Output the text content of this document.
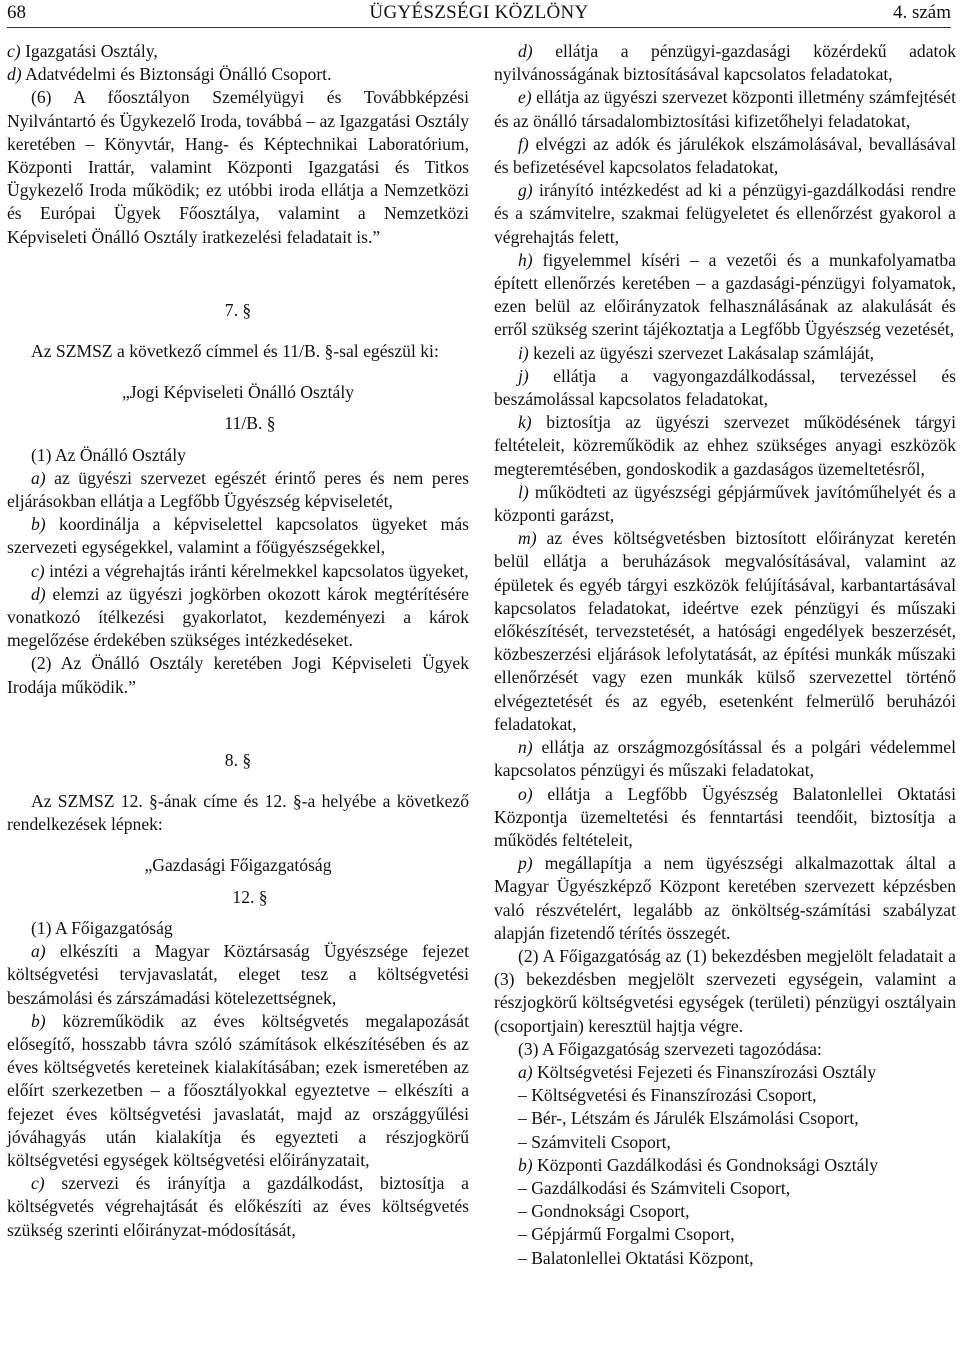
68	ÜGYÉSZSÉGI KÖZLÖNY	4. szám

c) Igazgatási Osztály,

d) Adatvédelmi és Biztonsági Önálló Csoport.

(6) A főosztályon Személyügyi és Továbbképzési Nyilvántartó és Ügykezelő Iroda, továbbá – az Igazgatási Osztály keretében – Könyvtár, Hang- és Képtechnikai Laboratórium, Központi Irattár, valamint Központi Igazgatási és Titkos Ügykezelő Iroda működik; ez utóbbi iroda ellátja a Nemzetközi és Európai Ügyek Főosztálya, valamint a Nemzetközi Képviseleti Önálló Osztály iratkezelési feladatait is.”

7. §

Az SZMSZ a következő címmel és 11/B. §-sal egészül ki:

„Jogi Képviseleti Önálló Osztály

11/B. §

(1) Az Önálló Osztály

a) az ügyészi szervezet egészét érintő peres és nem peres eljárásokban ellátja a Legfőbb Ügyészség képviseletét,

b) koordinálja a képviselettel kapcsolatos ügyeket más szervezeti egységekkel, valamint a főügyészségekkel,

c) intézi a végrehajtás iránti kérelmekkel kapcsolatos ügyeket,

d) elemzi az ügyészi jogkörben okozott károk megtérítésére vonatkozó ítélkezési gyakorlatot, kezdeményezi a károk megelőzése érdekében szükséges intézkedéseket.

(2) Az Önálló Osztály keretében Jogi Képviseleti Ügyek Irodája működik.”

8. §

Az SZMSZ 12. §-ának címe és 12. §-a helyébe a következő rendelkezések lépnek:

„Gazdasági Főigazgatóság

12. §

(1) A Főigazgatóság

a) elkészíti a Magyar Köztársaság Ügyészsége fejezet költségvetési tervjavaslatát, eleget tesz a költségvetési beszámolási és zárszámadási kötelezettségnek,

b) közreműködik az éves költségvetés megalapozását elősegítő, hosszabb távra szóló számítások elkészítésében és az éves költségvetés kereteinek kialakításában; ezek ismeretében az előírt szerkezetben – a főosztályokkal egyeztetve – elkészíti a fejezet éves költségvetési javaslatát, majd az országgyűlési jóváhagyás után kialakítja és egyezteti a részjogkörű költségvetési egységek költségvetési előirányzatait,

c) szervezi és irányítja a gazdálkodást, biztosítja a költségvetés végrehajtását és előkészíti az éves költségvetés szükség szerinti előirányzat-módosítását,

d) ellátja a pénzügyi-gazdasági közérdekű adatok nyilvánosságának biztosításával kapcsolatos feladatokat,

e) ellátja az ügyészi szervezet központi illetmény számfejtését és az önálló társadalombiztosítási kifizetőhelyi feladatokat,

f) elvégzi az adók és járulékok elszámolásával, bevallásával és befizetésével kapcsolatos feladatokat,

g) irányító intézkedést ad ki a pénzügyi-gazdálkodási rendre és a számvitelre, szakmai felügyeletet és ellenőrzést gyakorol a végrehajtás felett,

h) figyelemmel kíséri – a vezetői és a munkafolyamatba épített ellenőrzés keretében – a gazdasági-pénzügyi folyamatok, ezen belül az előirányzatok felhasználásának az alakulását és erről szükség szerint tájékoztatja a Legfőbb Ügyészség vezetését,

i) kezeli az ügyészi szervezet Lakásalap számláját,

j) ellátja a vagyongazdálkodással, tervezéssel és beszámolással kapcsolatos feladatokat,

k) biztosítja az ügyészi szervezet működésének tárgyi feltételeit, közreműködik az ehhez szükséges anyagi eszközök megteremtésében, gondoskodik a gazdaságos üzemeltetésről,

l) működteti az ügyészségi gépjárművek javítóműhelyét és a központi garázst,

m) az éves költségvetésben biztosított előirányzat keretén belül ellátja a beruházások megvalósításával, valamint az épületek és egyéb tárgyi eszközök felújításával, karbantartásával kapcsolatos feladatokat, ideértve ezek pénzügyi és műszaki előkészítését, tervezstetését, a hatósági engedélyek beszerzését, közbeszerzési eljárások lefolytatását, az építési munkák műszaki ellenőrzését vagy ezen munkák külső szervezettel történő elvégeztetését és az egyéb, esetenként felmerülő beruházói feladatokat,

n) ellátja az országmozgósítással és a polgári védelemmel kapcsolatos pénzügyi és műszaki feladatokat,

o) ellátja a Legfőbb Ügyészség Balatonlellei Oktatási Központja üzemeltetési és fenntartási teendőit, biztosítja a működés feltételeit,

p) megállapítja a nem ügyészségi alkalmazottak által a Magyar Ügyészképző Központ keretében szervezett képzésben való részvételért, legalább az önköltség-számítási szabályzat alapján fizetendő térítés összegét.

(2) A Főigazgatóság az (1) bekezdésben megjelölt feladatait a (3) bekezdésben megjelölt szervezeti egységein, valamint a részjogkörű költségvetési egységek (területi) pénzügyi osztályain (csoportjain) keresztül hajtja végre.

(3) A Főigazgatóság szervezeti tagozódása:

a) Költségvetési Fejezeti és Finanszírozási Osztály

– Költségvetési és Finanszírozási Csoport,

– Bér-, Létszám és Járulék Elszámolási Csoport,

– Számviteli Csoport,

b) Központi Gazdálkodási és Gondnoksági Osztály

– Gazdálkodási és Számviteli Csoport,

– Gondnoksági Csoport,

– Gépjármű Forgalmi Csoport,

– Balatonlellei Oktatási Központ,
